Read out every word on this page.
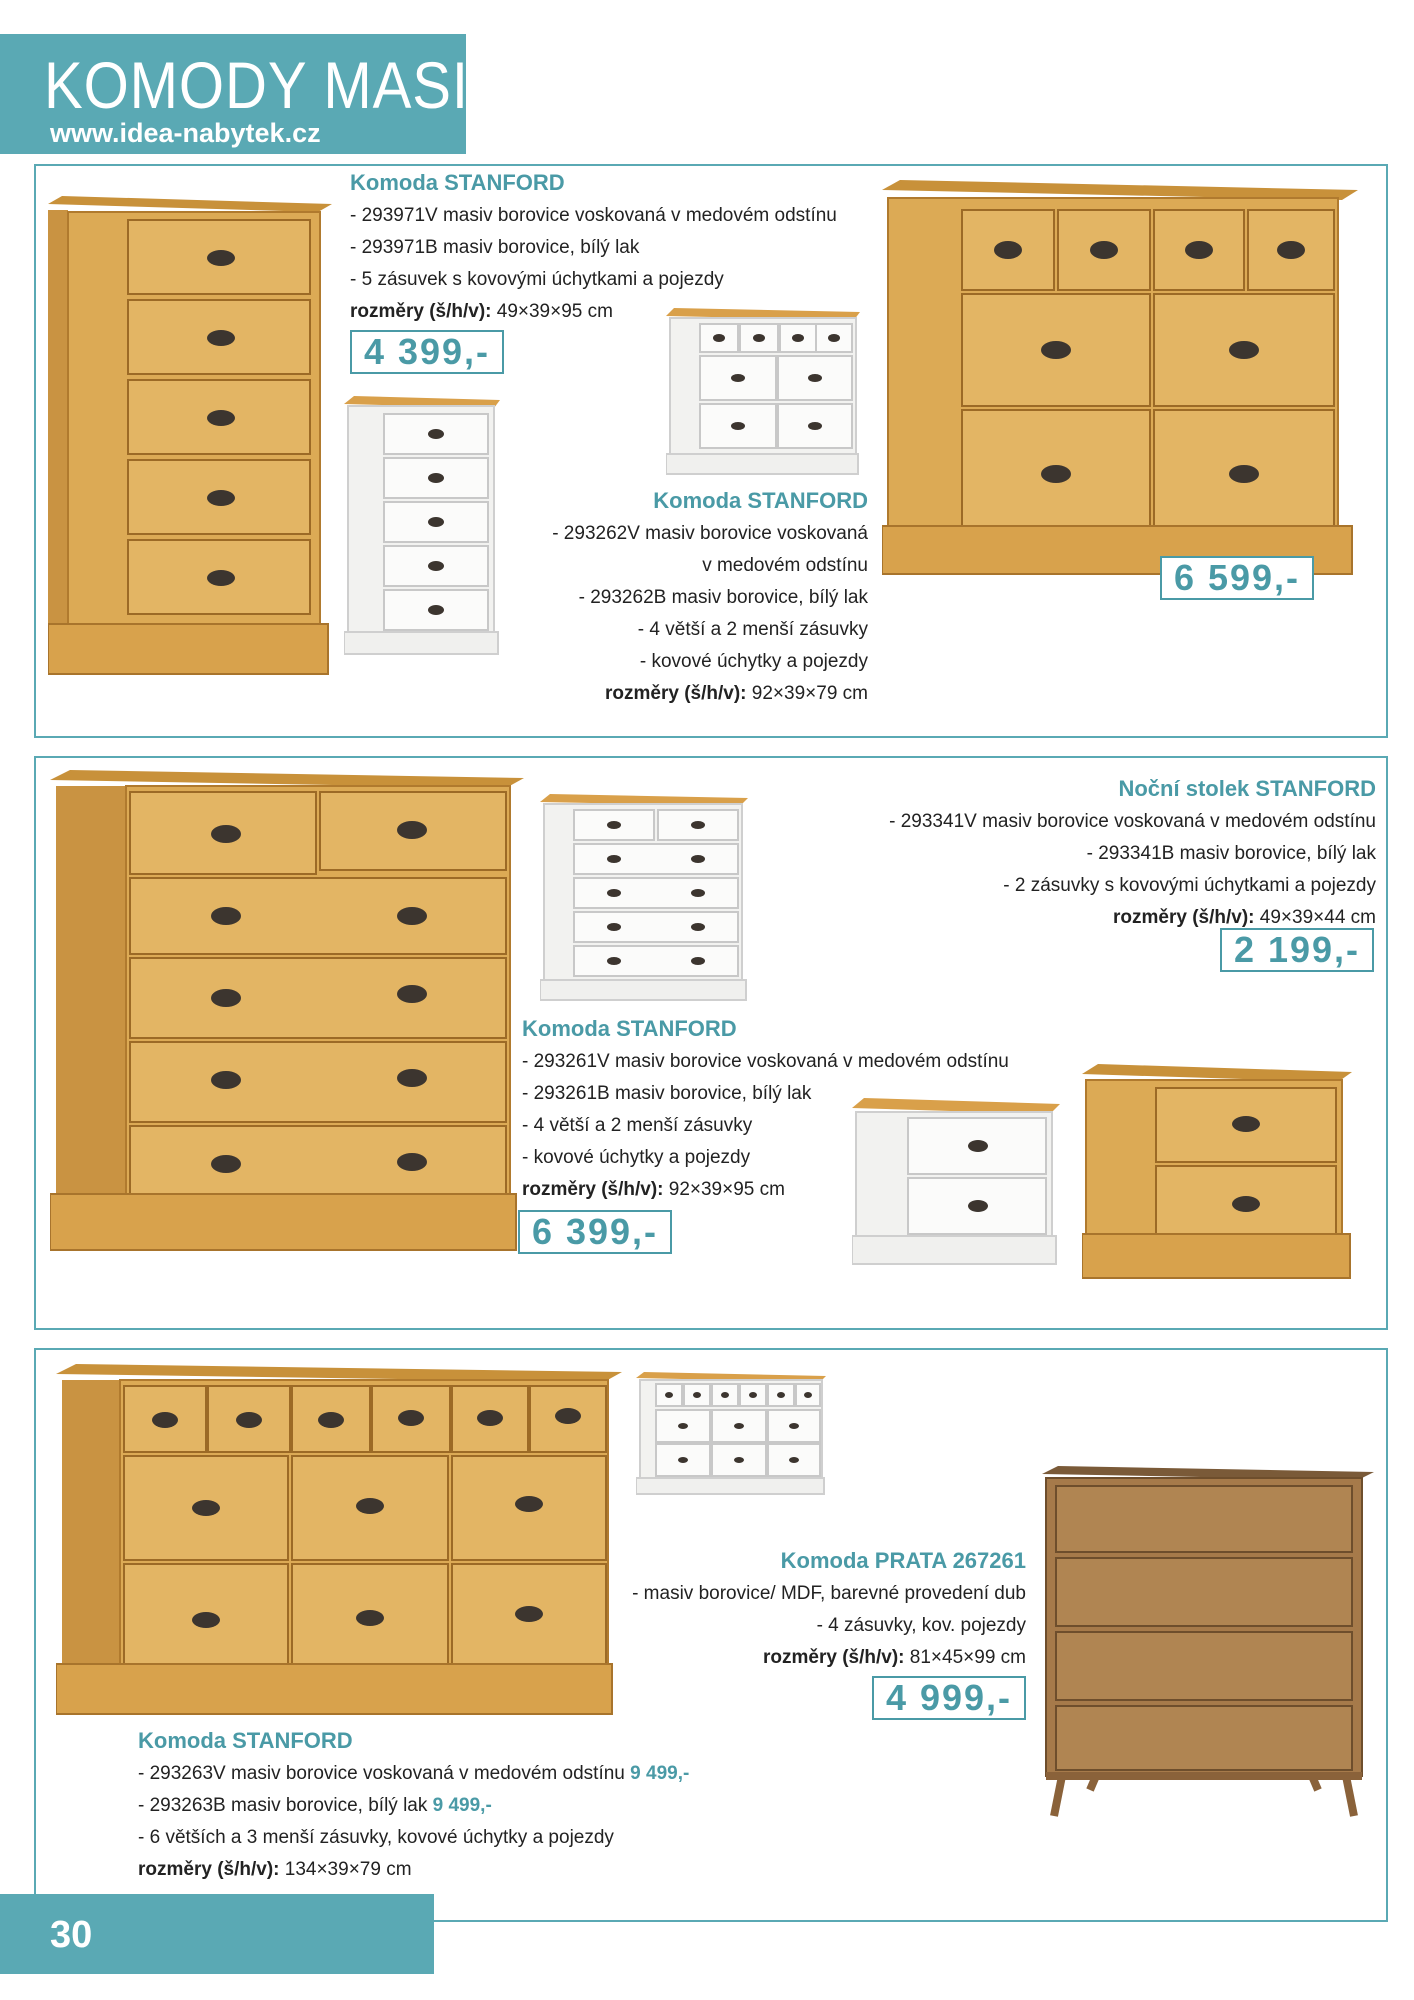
KOMODY MASIV
www.idea-nabytek.cz
Komoda STANFORD
- 293971V masiv borovice voskovaná v medovém odstínu
- 293971B masiv borovice, bílý lak
- 5 zásuvek s kovovými úchytkami a pojezdy
rozměry (š/h/v): 49×39×95 cm
4 399,-
Komoda STANFORD
- 293262V masiv borovice voskovaná
v medovém odstínu
- 293262B masiv borovice, bílý lak
- 4 větší a 2 menší zásuvky
- kovové úchytky a pojezdy
rozměry (š/h/v): 92×39×79 cm
6 599,-
Noční stolek STANFORD
- 293341V masiv borovice voskovaná v medovém odstínu
- 293341B masiv borovice, bílý lak
- 2 zásuvky s kovovými úchytkami a pojezdy
rozměry (š/h/v): 49×39×44 cm
2 199,-
Komoda STANFORD
- 293261V masiv borovice voskovaná v medovém odstínu
- 293261B masiv borovice, bílý lak
- 4 větší a 2 menší zásuvky
- kovové úchytky a pojezdy
rozměry (š/h/v): 92×39×95 cm
6 399,-
Komoda PRATA 267261
- masiv borovice/ MDF, barevné provedení dub
- 4 zásuvky, kov. pojezdy
rozměry (š/h/v): 81×45×99 cm
4 999,-
Komoda STANFORD
- 293263V masiv borovice voskovaná v medovém odstínu 9 499,-
- 293263B masiv borovice, bílý lak 9 499,-
- 6 větších a 3 menší zásuvky, kovové úchytky a pojezdy
rozměry (š/h/v): 134×39×79 cm
30
